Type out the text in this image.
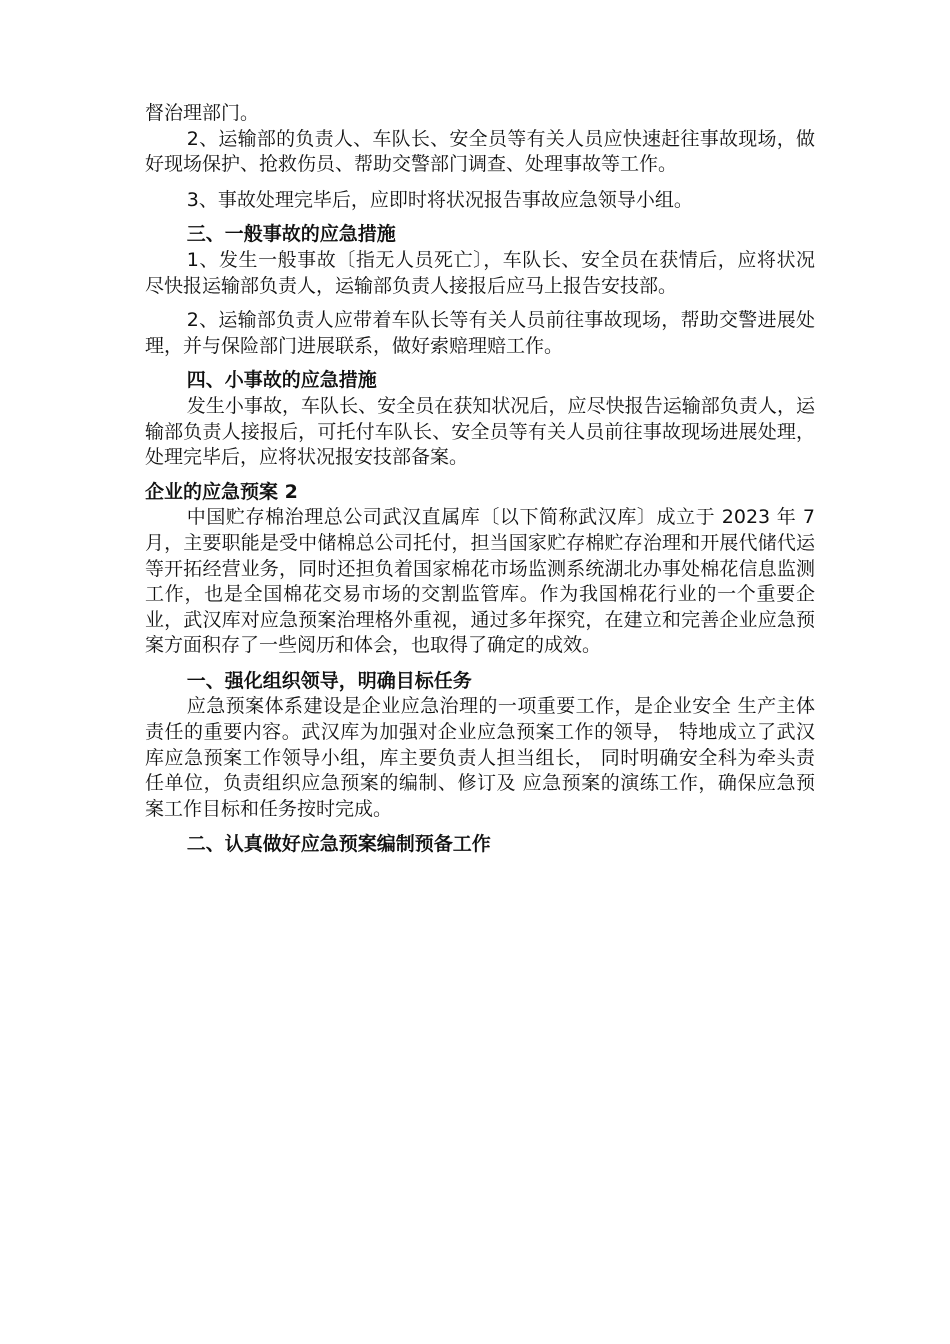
督治理部门。

2、运输部的负责人、车队长、安全员等有关人员应快速赶往事故现场，做好现场保护、抢救伤员、帮助交警部门调查、处理事故等工作。

3、事故处理完毕后，应即时将状况报告事故应急领导小组。

三、一般事故的应急措施

1、发生一般事故〔指无人员死亡〕，车队长、安全员在获情后，应将状况尽快报运输部负责人，运输部负责人接报后应马上报告安技部。

2、运输部负责人应带着车队长等有关人员前往事故现场，帮助交警进展处理，并与保险部门进展联系，做好索赔理赔工作。

四、小事故的应急措施

发生小事故，车队长、安全员在获知状况后，应尽快报告运输部负责人，运输部负责人接报后，可托付车队长、安全员等有关人员前往事故现场进展处理，处理完毕后，应将状况报安技部备案。

企业的应急预案 2

中国贮存棉治理总公司武汉直属库〔以下简称武汉库〕成立于 2023 年 7 月，主要职能是受中储棉总公司托付，担当国家贮存棉贮存治理和开展代储代运等开拓经营业务，同时还担负着国家棉花市场监测系统湖北办事处棉花信息监测工作，也是全国棉花交易市场的交割监管库。作为我国棉花行业的一个重要企业，武汉库对应急预案治理格外重视，通过多年探究，在建立和完善企业应急预案方面积存了一些阅历和体会，也取得了确定的成效。

一、强化组织领导，明确目标任务

应急预案体系建设是企业应急治理的一项重要工作，是企业安全 生产主体责任的重要内容。武汉库为加强对企业应急预案工作的领导， 特地成立了武汉库应急预案工作领导小组，库主要负责人担当组长， 同时明确安全科为牵头责任单位，负责组织应急预案的编制、修订及 应急预案的演练工作，确保应急预案工作目标和任务按时完成。

二、认真做好应急预案编制预备工作
